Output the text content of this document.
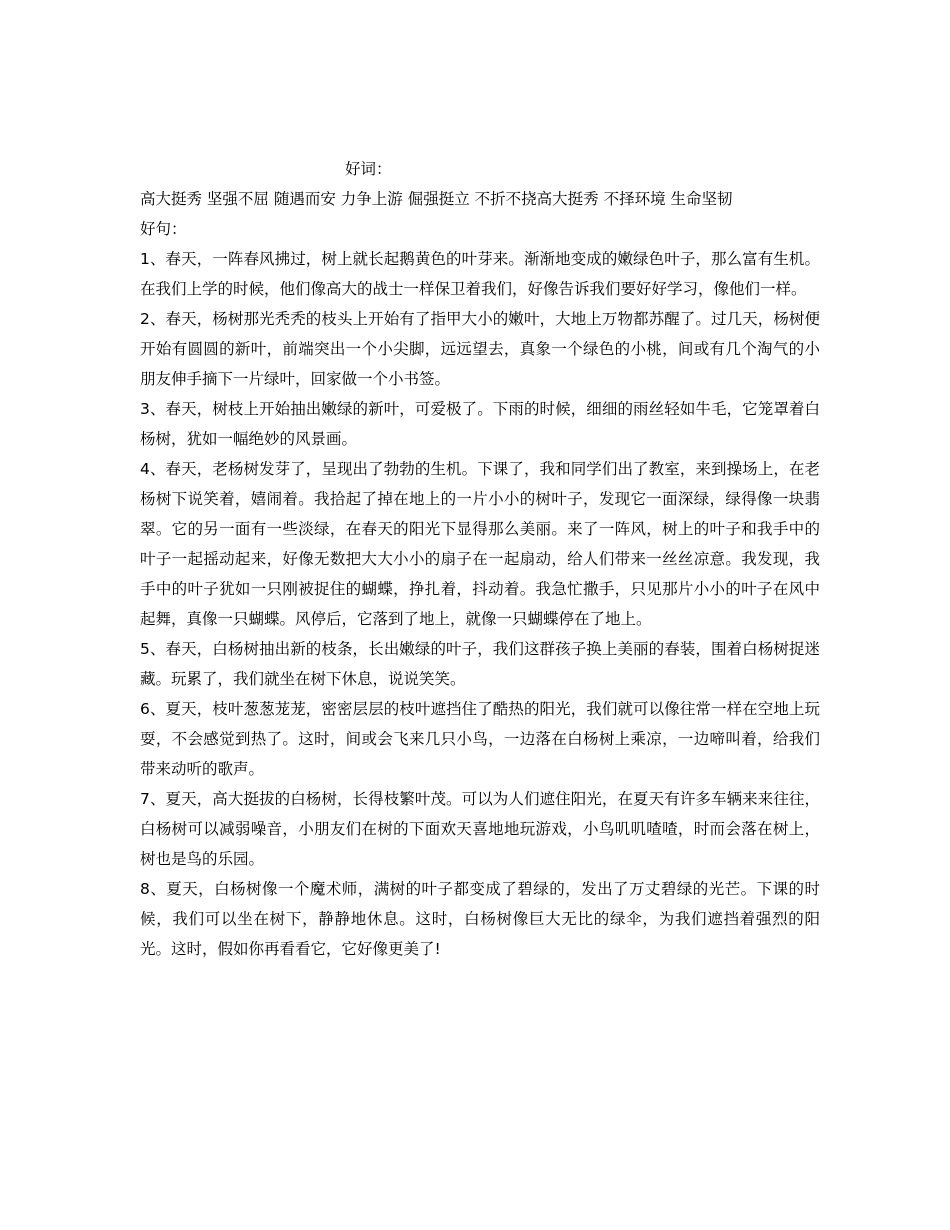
好词：

高大挺秀 坚强不屈 随遇而安 力争上游 倔强挺立 不折不挠高大挺秀 不择环境 生命坚韧

好句：

1、春天，一阵春风拂过，树上就长起鹅黄色的叶芽来。渐渐地变成的嫩绿色叶子，那么富有生机。在我们上学的时候，他们像高大的战士一样保卫着我们，好像告诉我们要好好学习，像他们一样。

2、春天，杨树那光秃秃的枝头上开始有了指甲大小的嫩叶，大地上万物都苏醒了。过几天，杨树便开始有圆圆的新叶，前端突出一个小尖脚，远远望去，真象一个绿色的小桃，间或有几个淘气的小朋友伸手摘下一片绿叶，回家做一个小书签。

3、春天，树枝上开始抽出嫩绿的新叶，可爱极了。下雨的时候，细细的雨丝轻如牛毛，它笼罩着白杨树，犹如一幅绝妙的风景画。

4、春天，老杨树发芽了，呈现出了勃勃的生机。下课了，我和同学们出了教室，来到操场上，在老杨树下说笑着，嬉闹着。我拾起了掉在地上的一片小小的树叶子，发现它一面深绿，绿得像一块翡翠。它的另一面有一些淡绿，在春天的阳光下显得那么美丽。来了一阵风，树上的叶子和我手中的叶子一起摇动起来，好像无数把大大小小的扇子在一起扇动，给人们带来一丝丝凉意。我发现，我手中的叶子犹如一只刚被捉住的蝴蝶，挣扎着，抖动着。我急忙撒手，只见那片小小的叶子在风中起舞，真像一只蝴蝶。风停后，它落到了地上，就像一只蝴蝶停在了地上。

5、春天，白杨树抽出新的枝条，长出嫩绿的叶子，我们这群孩子换上美丽的春装，围着白杨树捉迷藏。玩累了，我们就坐在树下休息，说说笑笑。

6、夏天，枝叶葱葱茏茏，密密层层的枝叶遮挡住了酷热的阳光，我们就可以像往常一样在空地上玩耍，不会感觉到热了。这时，间或会飞来几只小鸟，一边落在白杨树上乘凉，一边啼叫着，给我们带来动听的歌声。

7、夏天，高大挺拔的白杨树，长得枝繁叶茂。可以为人们遮住阳光，在夏天有许多车辆来来往往，白杨树可以减弱噪音，小朋友们在树的下面欢天喜地地玩游戏，小鸟叽叽喳喳，时而会落在树上，树也是鸟的乐园。

8、夏天，白杨树像一个魔术师，满树的叶子都变成了碧绿的，发出了万丈碧绿的光芒。下课的时候，我们可以坐在树下，静静地休息。这时，白杨树像巨大无比的绿伞，为我们遮挡着强烈的阳光。这时，假如你再看看它，它好像更美了!
